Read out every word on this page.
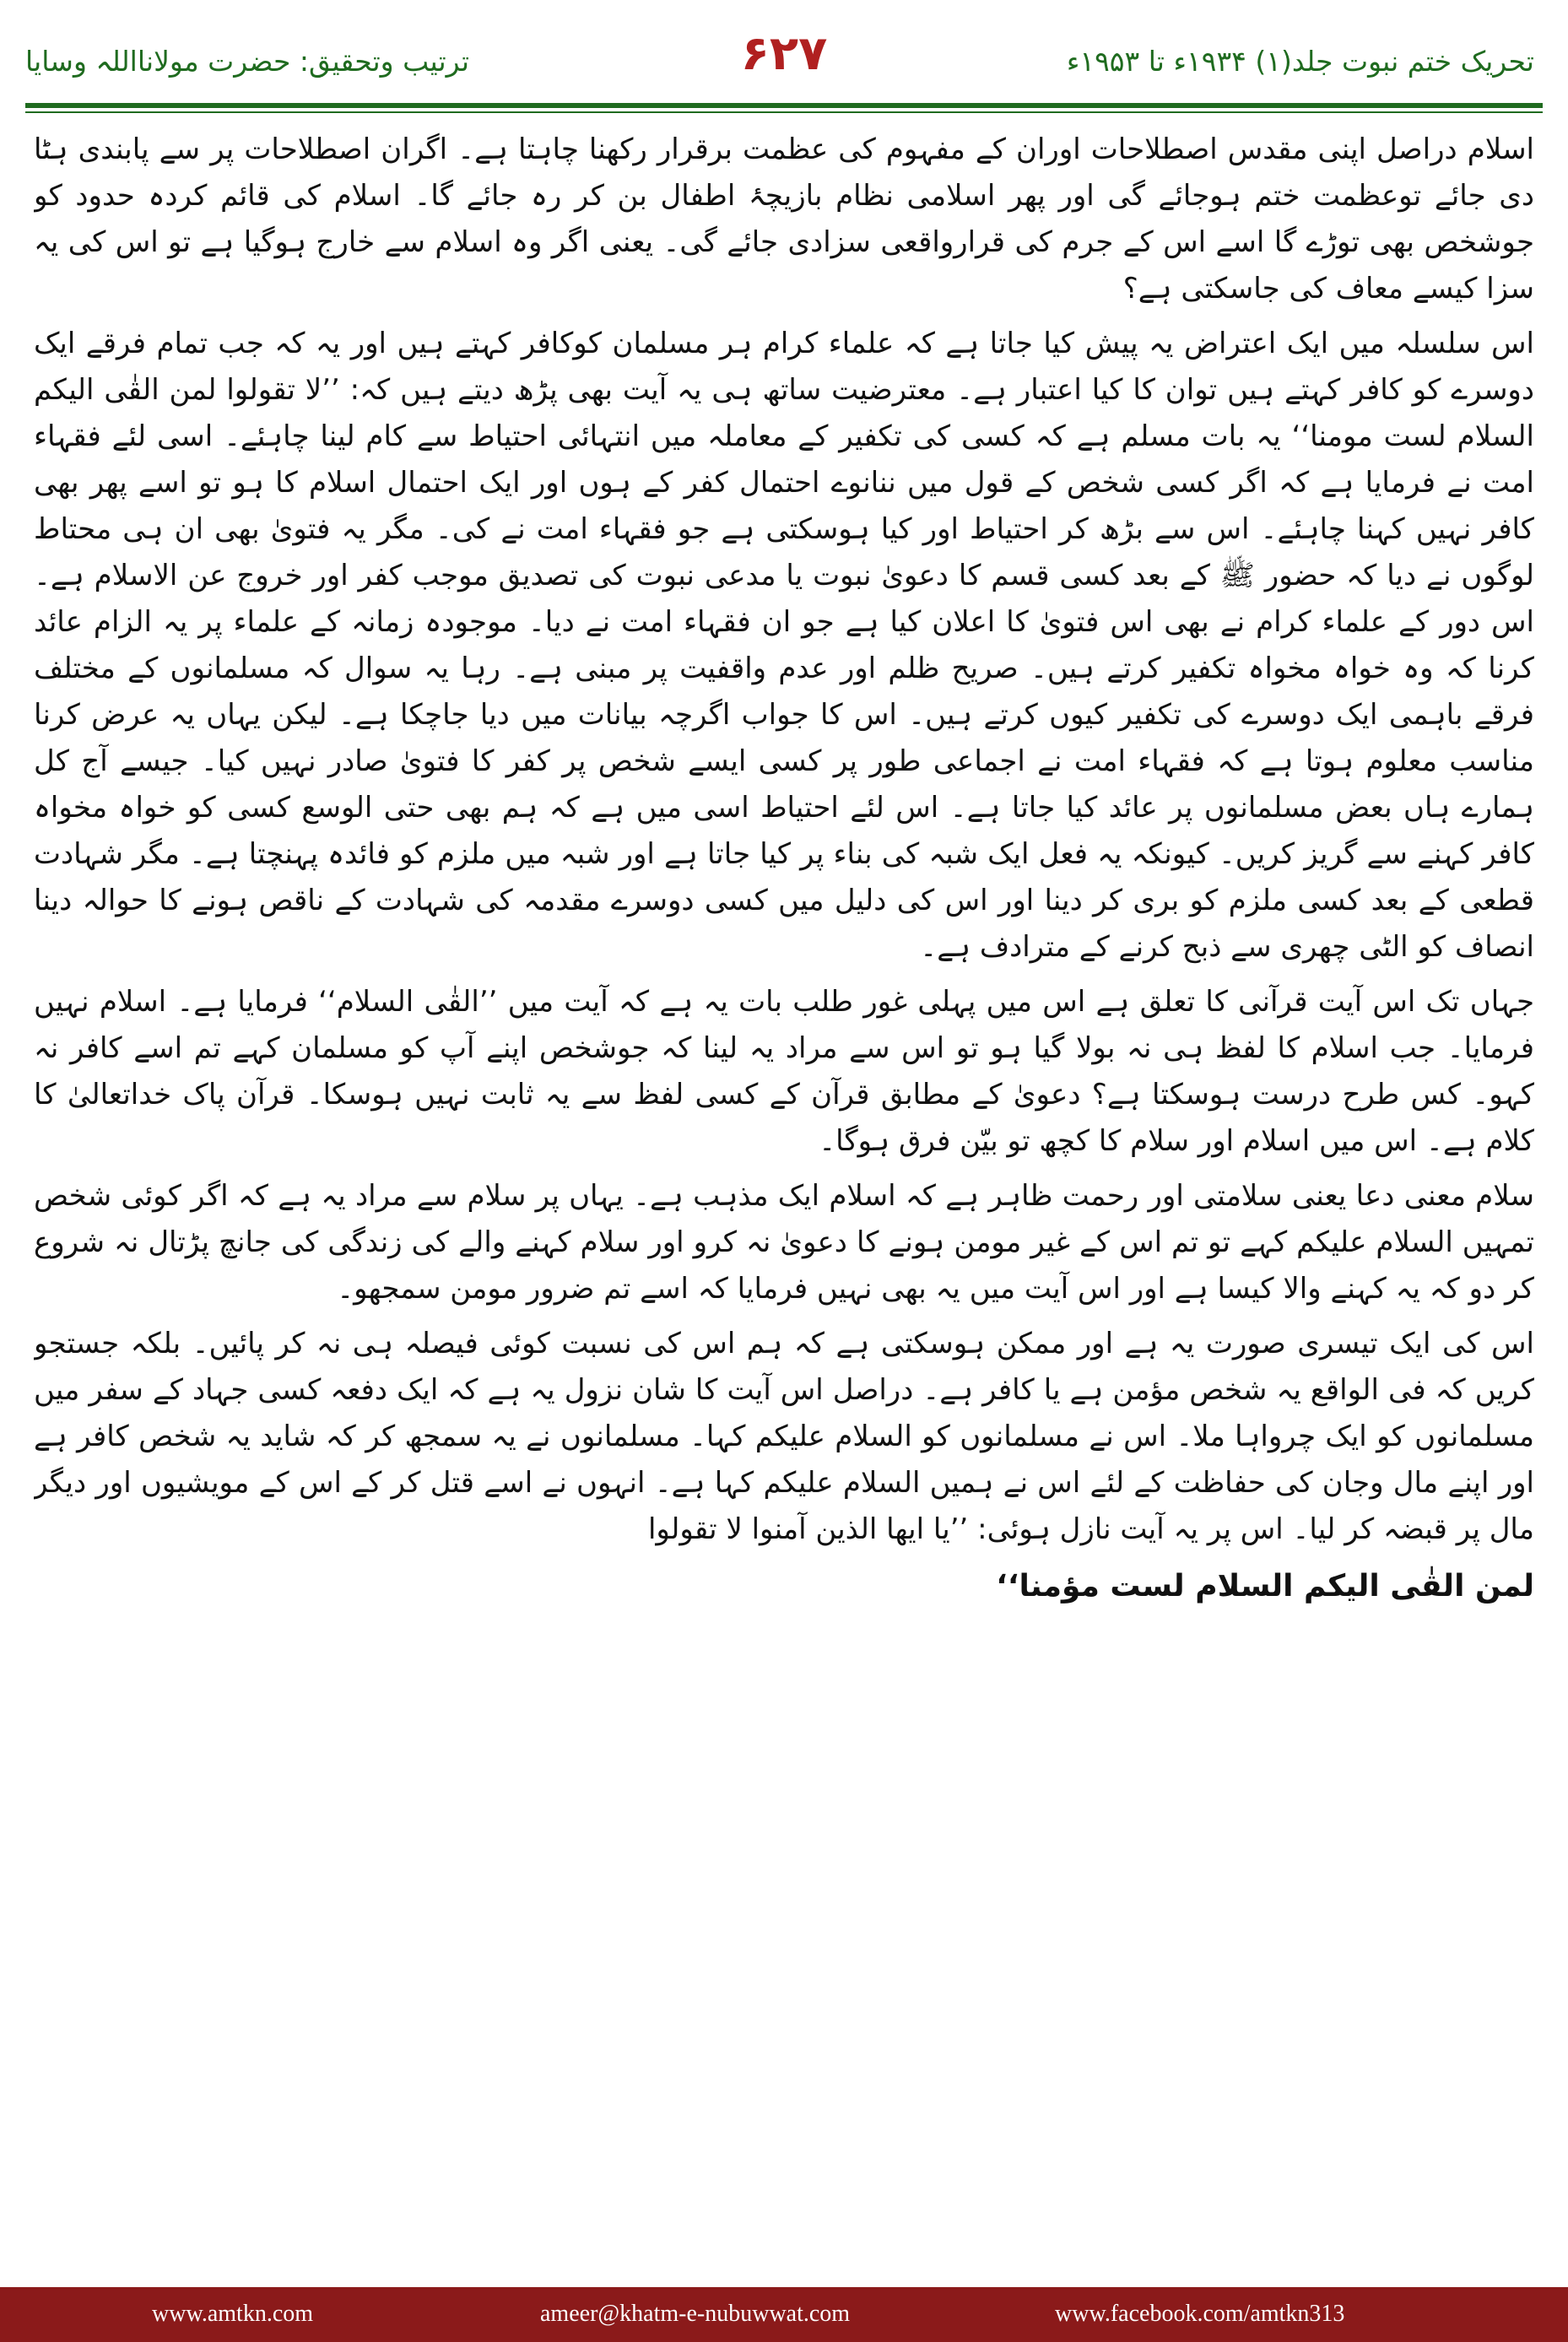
ترتیب وتحقیق: حضرت مولانااللہ وسایا	۶۲۷	تحریک ختم نبوت جلد(۱) ۱۹۳۴ء تا ۱۹۵۳ء

اسلام دراصل اپنی مقدس اصطلاحات اوران کے مفہوم کی عظمت برقرار رکھنا چاہتا ہے۔ اگران اصطلاحات پر سے پابندی ہٹا دی جائے توعظمت ختم ہوجائے گی اور پھر اسلامی نظام بازیچۂ اطفال بن کر رہ جائے گا۔ اسلام کی قائم کردہ حدود کو جوشخص بھی توڑے گا اسے اس کے جرم کی قرارواقعی سزادی جائے گی۔ یعنی اگر وہ اسلام سے خارج ہوگیا ہے تو اس کی یہ سزا کیسے معاف کی جاسکتی ہے؟

اس سلسلہ میں ایک اعتراض یہ پیش کیا جاتا ہے کہ علماء کرام ہر مسلمان کوکافر کہتے ہیں اور یہ کہ جب تمام فرقے ایک دوسرے کو کافر کہتے ہیں توان کا کیا اعتبار ہے۔ معترضیت ساتھ ہی یہ آیت بھی پڑھ دیتے ہیں کہ: ’’لا تقولوا لمن القٰی الیکم السلام لست مومنا‘‘ یہ بات مسلم ہے کہ کسی کی تکفیر کے معاملہ میں انتہائی احتیاط سے کام لینا چاہئے۔ اسی لئے فقہاء امت نے فرمایا ہے کہ اگر کسی شخص کے قول میں ننانوے احتمال کفر کے ہوں اور ایک احتمال اسلام کا ہو تو اسے پھر بھی کافر نہیں کہنا چاہئے۔ اس سے بڑھ کر احتیاط اور کیا ہوسکتی ہے جو فقہاء امت نے کی۔ مگر یہ فتویٰ بھی ان ہی محتاط لوگوں نے دیا کہ حضور ﷺ کے بعد کسی قسم کا دعویٰ نبوت یا مدعی نبوت کی تصدیق موجب کفر اور خروج عن الاسلام ہے۔ اس دور کے علماء کرام نے بھی اس فتویٰ کا اعلان کیا ہے جو ان فقہاء امت نے دیا۔ موجودہ زمانہ کے علماء پر یہ الزام عائد کرنا کہ وہ خواہ مخواہ تکفیر کرتے ہیں۔ صریح ظلم اور عدم واقفیت پر مبنی ہے۔ رہا یہ سوال کہ مسلمانوں کے مختلف فرقے باہمی ایک دوسرے کی تکفیر کیوں کرتے ہیں۔ اس کا جواب اگرچہ بیانات میں دیا جاچکا ہے۔ لیکن یہاں یہ عرض کرنا مناسب معلوم ہوتا ہے کہ فقہاء امت نے اجماعی طور پر کسی ایسے شخص پر کفر کا فتویٰ صادر نہیں کیا۔ جیسے آج کل ہمارے ہاں بعض مسلمانوں پر عائد کیا جاتا ہے۔ اس لئے احتیاط اسی میں ہے کہ ہم بھی حتی الوسع کسی کو خواہ مخواہ کافر کہنے سے گریز کریں۔ کیونکہ یہ فعل ایک شبہ کی بناء پر کیا جاتا ہے اور شبہ میں ملزم کو فائدہ پہنچتا ہے۔ مگر شہادت قطعی کے بعد کسی ملزم کو بری کر دینا اور اس کی دلیل میں کسی دوسرے مقدمہ کی شہادت کے ناقص ہونے کا حوالہ دینا انصاف کو الٹی چھری سے ذبح کرنے کے مترادف ہے۔

جہاں تک اس آیت قرآنی کا تعلق ہے اس میں پہلی غور طلب بات یہ ہے کہ آیت میں ’’القٰی السلام‘‘ فرمایا ہے۔ اسلام نہیں فرمایا۔ جب اسلام کا لفظ ہی نہ بولا گیا ہو تو اس سے مراد یہ لینا کہ جوشخص اپنے آپ کو مسلمان کہے تم اسے کافر نہ کہو۔ کس طرح درست ہوسکتا ہے؟ دعویٰ کے مطابق قرآن کے کسی لفظ سے یہ ثابت نہیں ہوسکا۔ قرآن پاک خداتعالیٰ کا کلام ہے۔ اس میں اسلام اور سلام کا کچھ تو بیّن فرق ہوگا۔

سلام معنی دعا یعنی سلامتی اور رحمت ظاہر ہے کہ اسلام ایک مذہب ہے۔ یہاں پر سلام سے مراد یہ ہے کہ اگر کوئی شخص تمہیں السلام علیکم کہے تو تم اس کے غیر مومن ہونے کا دعویٰ نہ کرو اور سلام کہنے والے کی زندگی کی جانچ پڑتال نہ شروع کر دو کہ یہ کہنے والا کیسا ہے اور اس آیت میں یہ بھی نہیں فرمایا کہ اسے تم ضرور مومن سمجھو۔

اس کی ایک تیسری صورت یہ ہے اور ممکن ہوسکتی ہے کہ ہم اس کی نسبت کوئی فیصلہ ہی نہ کر پائیں۔ بلکہ جستجو کریں کہ فی الواقع یہ شخص مؤمن ہے یا کافر ہے۔ دراصل اس آیت کا شان نزول یہ ہے کہ ایک دفعہ کسی جہاد کے سفر میں مسلمانوں کو ایک چرواہا ملا۔ اس نے مسلمانوں کو السلام علیکم کہا۔ مسلمانوں نے یہ سمجھ کر کہ شاید یہ شخص کافر ہے اور اپنے مال وجان کی حفاظت کے لئے اس نے ہمیں السلام علیکم کہا ہے۔ انہوں نے اسے قتل کر کے اس کے مویشیوں اور دیگر مال پر قبضہ کر لیا۔ اس پر یہ آیت نازل ہوئی: ’’یا ایھا الذین آمنوا لا تقولوا

لمن القٰی الیکم السلام لست مؤمنا‘‘

www.amtkn.com	ameer@khatm-e-nubuwwat.com	www.facebook.com/amtkn313
